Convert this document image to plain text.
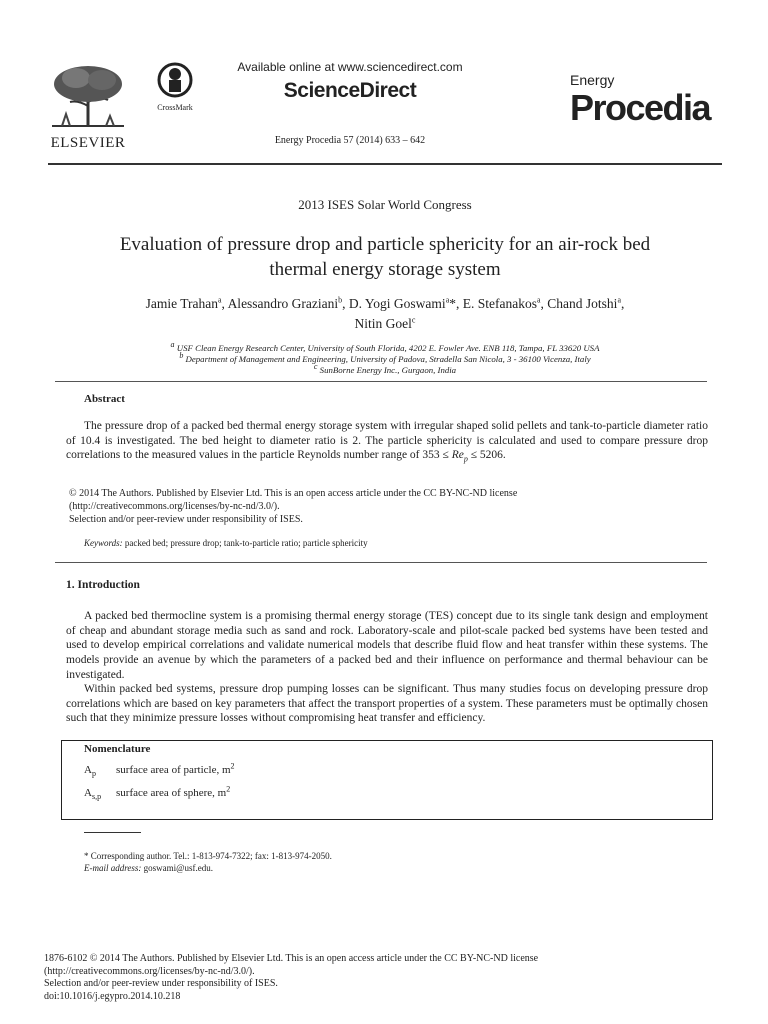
ELSEVIER
CrossMark
Available online at www.sciencedirect.com
ScienceDirect
Energy Procedia 57 (2014) 633 – 642
Energy
Procedia
2013 ISES Solar World Congress
Evaluation of pressure drop and particle sphericity for an air-rock bed
thermal energy storage system
Jamie Trahan$^a$, Alessandro Graziani$^b$, D. Yogi Goswami$^a$*, E. Stefanakos$^a$, Chand Jotshi$^a$,
Nitin Goel$^c$
$^a$ USF Clean Energy Research Center, University of South Florida, 4202 E. Fowler Ave. ENB 118, Tampa, FL 33620 USA
$^b$ Department of Management and Engineering, University of Padova, Stradella San Nicola, 3 - 36100 Vicenza, Italy
$^c$ SunBorne Energy Inc., Gurgaon, India
Abstract
The pressure drop of a packed bed thermal energy storage system with irregular shaped solid pellets and tank-to-particle diameter ratio of 10.4 is investigated. The bed height to diameter ratio is 2. The particle sphericity is calculated and used to compare pressure drop correlations to the measured values in the particle Reynolds number range of $353 \le Re_p \le 5206$.
© 2014 The Authors. Published by Elsevier Ltd. This is an open access article under the CC BY-NC-ND license
(http://creativecommons.org/licenses/by-nc-nd/3.0/).
Selection and/or peer-review under responsibility of ISES.
Keywords: packed bed; pressure drop; tank-to-particle ratio; particle sphericity
1. Introduction
A packed bed thermocline system is a promising thermal energy storage (TES) concept due to its single tank design and employment of cheap and abundant storage media such as sand and rock. Laboratory-scale and pilot-scale packed bed systems have been tested and used to develop empirical correlations and validate numerical models that describe fluid flow and heat transfer within these systems. The models provide an avenue by which the parameters of a packed bed and their influence on performance and thermal behaviour can be investigated.
Within packed bed systems, pressure drop pumping losses can be significant. Thus many studies focus on developing pressure drop correlations which are based on key parameters that affect the transport properties of a system. These parameters must be optimally chosen such that they minimize pressure losses without compromising heat transfer and efficiency.
Nomenclature
$A_p$ surface area of particle, $m^2$
$A_{s,p}$ surface area of sphere, $m^2$
* Corresponding author. Tel.: 1-813-974-7322; fax: 1-813-974-2050.
E-mail address: goswami@usf.edu.
1876-6102 © 2014 The Authors. Published by Elsevier Ltd. This is an open access article under the CC BY-NC-ND license
(http://creativecommons.org/licenses/by-nc-nd/3.0/).
Selection and/or peer-review under responsibility of ISES.
doi:10.1016/j.egypro.2014.10.218
